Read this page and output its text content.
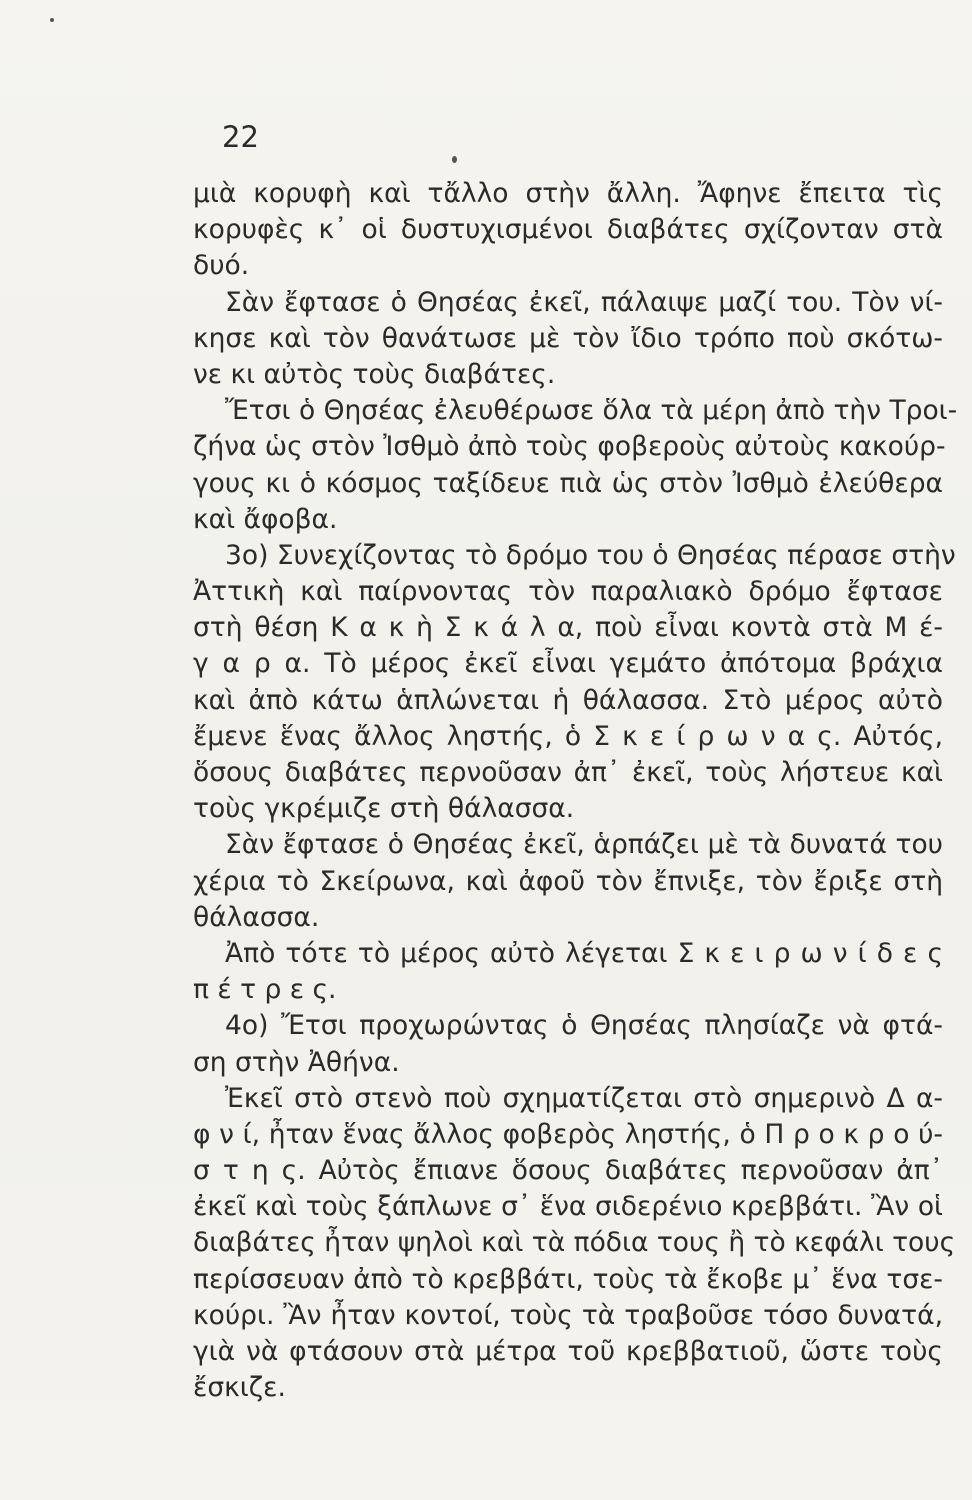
22
μιὰ κορυφὴ καὶ τἄλλο στὴν ἄλλη. Ἄφηνε ἔπειτα τὶς
κορυφὲς κ᾿ οἱ δυστυχισμένοι διαβάτες σχίζονταν στὰ
δυό.
Σὰν ἔφτασε ὁ Θησέας ἐκεῖ, πάλαιψε μαζί του. Τὸν νί-
κησε καὶ τὸν θανάτωσε μὲ τὸν ἴδιο τρόπο ποὺ σκότω-
νε κι αὐτὸς τοὺς διαβάτες.
Ἔτσι ὁ Θησέας ἐλευθέρωσε ὅλα τὰ μέρη ἀπὸ τὴν Τροι-
ζήνα ὡς στὸν Ἰσθμὸ ἀπὸ τοὺς φοβεροὺς αὐτοὺς κακούρ-
γους κι ὁ κόσμος ταξίδευε πιὰ ὡς στὸν Ἰσθμὸ ἐλεύθερα
καὶ ἄφοβα.
3ο) Συνεχίζοντας τὸ δρόμο του ὁ Θησέας πέρασε στὴν
Ἀττικὴ καὶ παίρνοντας τὸν παραλιακὸ δρόμο ἔφτασε
στὴ θέση Κ α κ ὴ Σ κ ά λ α, ποὺ εἶναι κοντὰ στὰ Μ έ-
γ α ρ α. Τὸ μέρος ἐκεῖ εἶναι γεμάτο ἀπότομα βράχια
καὶ ἀπὸ κάτω ἁπλώνεται ἡ θάλασσα. Στὸ μέρος αὐτὸ
ἔμενε ἕνας ἄλλος ληστής, ὁ Σ κ ε ί ρ ω ν α ς. Αὐτός,
ὅσους διαβάτες περνοῦσαν ἀπ᾿ ἐκεῖ, τοὺς λήστευε καὶ
τοὺς γκρέμιζε στὴ θάλασσα.
Σὰν ἔφτασε ὁ Θησέας ἐκεῖ, ἁρπάζει μὲ τὰ δυνατά του
χέρια τὸ Σκείρωνα, καὶ ἀφοῦ τὸν ἔπνιξε, τὸν ἔριξε στὴ
θάλασσα.
Ἀπὸ τότε τὸ μέρος αὐτὸ λέγεται Σ κ ε ι ρ ω ν ί δ ε ς
π έ τ ρ ε ς.
4ο) Ἔτσι προχωρώντας ὁ Θησέας πλησίαζε νὰ φτά-
ση στὴν Ἀθήνα.
Ἐκεῖ στὸ στενὸ ποὺ σχηματίζεται στὸ σημερινὸ Δ α-
φ ν ί, ἦταν ἕνας ἄλλος φοβερὸς ληστής, ὁ Π ρ ο κ ρ ο ύ-
σ τ η ς. Αὐτὸς ἔπιανε ὅσους διαβάτες περνοῦσαν ἀπ᾿
ἐκεῖ καὶ τοὺς ξάπλωνε σ᾿ ἕνα σιδερένιο κρεββάτι. Ἂν οἱ
διαβάτες ἦταν ψηλοὶ καὶ τὰ πόδια τους ἢ τὸ κεφάλι τους
περίσσευαν ἀπὸ τὸ κρεββάτι, τοὺς τὰ ἔκοβε μ᾿ ἕνα τσε-
κούρι. Ἂν ἦταν κοντοί, τοὺς τὰ τραβοῦσε τόσο δυνατά,
γιὰ νὰ φτάσουν στὰ μέτρα τοῦ κρεββατιοῦ, ὥστε τοὺς
ἔσκιζε.
